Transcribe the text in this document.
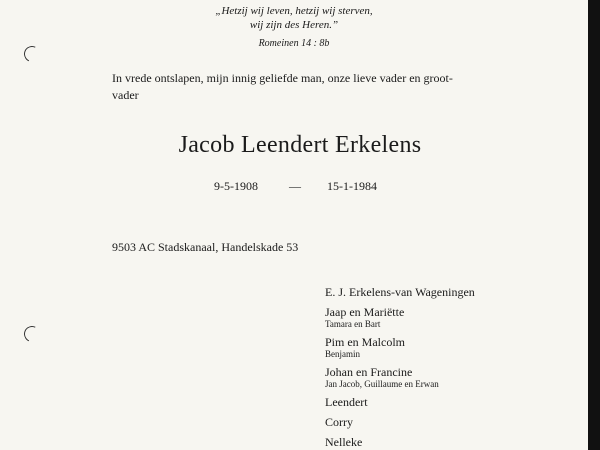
„Hetzij wij leven, hetzij wij sterven,
wij zijn des Heren.”
Romeinen 14 : 8b
In vrede ontslapen, mijn innig geliefde man, onze lieve vader en groot-
vader
Jacob Leendert Erkelens
9-5-1908	— 15-1-1984
9503 AC Stadskanaal, Handelskade 53
E. J. Erkelens-van Wageningen
Jaap en Mariëtte
Tamara en Bart
Pim en Malcolm
Benjamin
Johan en Francine
Jan Jacob, Guillaume en Erwan
Leendert
Corry
Nelleke
